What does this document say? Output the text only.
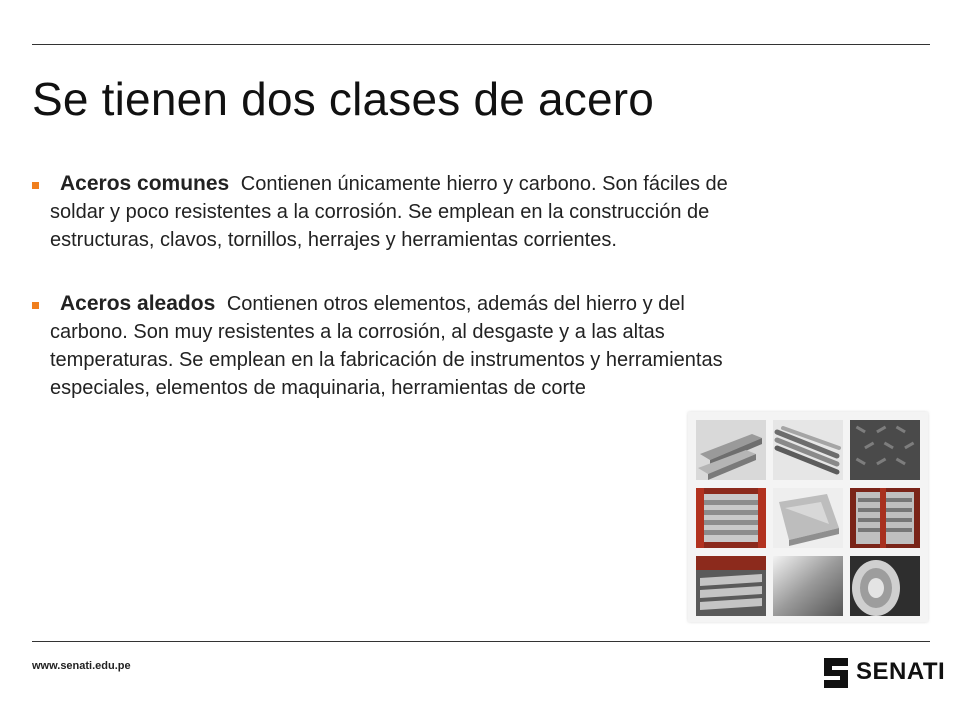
Se tienen dos clases de acero
Aceros comunes Contienen únicamente hierro y carbono. Son fáciles de soldar y poco resistentes a la corrosión. Se emplean en la construcción de estructuras, clavos, tornillos, herrajes y herramientas corrientes.
Aceros aleados Contienen otros elementos, además del hierro y del carbono. Son muy resistentes a la corrosión, al desgaste y a las altas temperaturas. Se emplean en la fabricación de instrumentos y herramientas especiales, elementos de maquinaria, herramientas de corte
www.senati.edu.pe	SENATI
